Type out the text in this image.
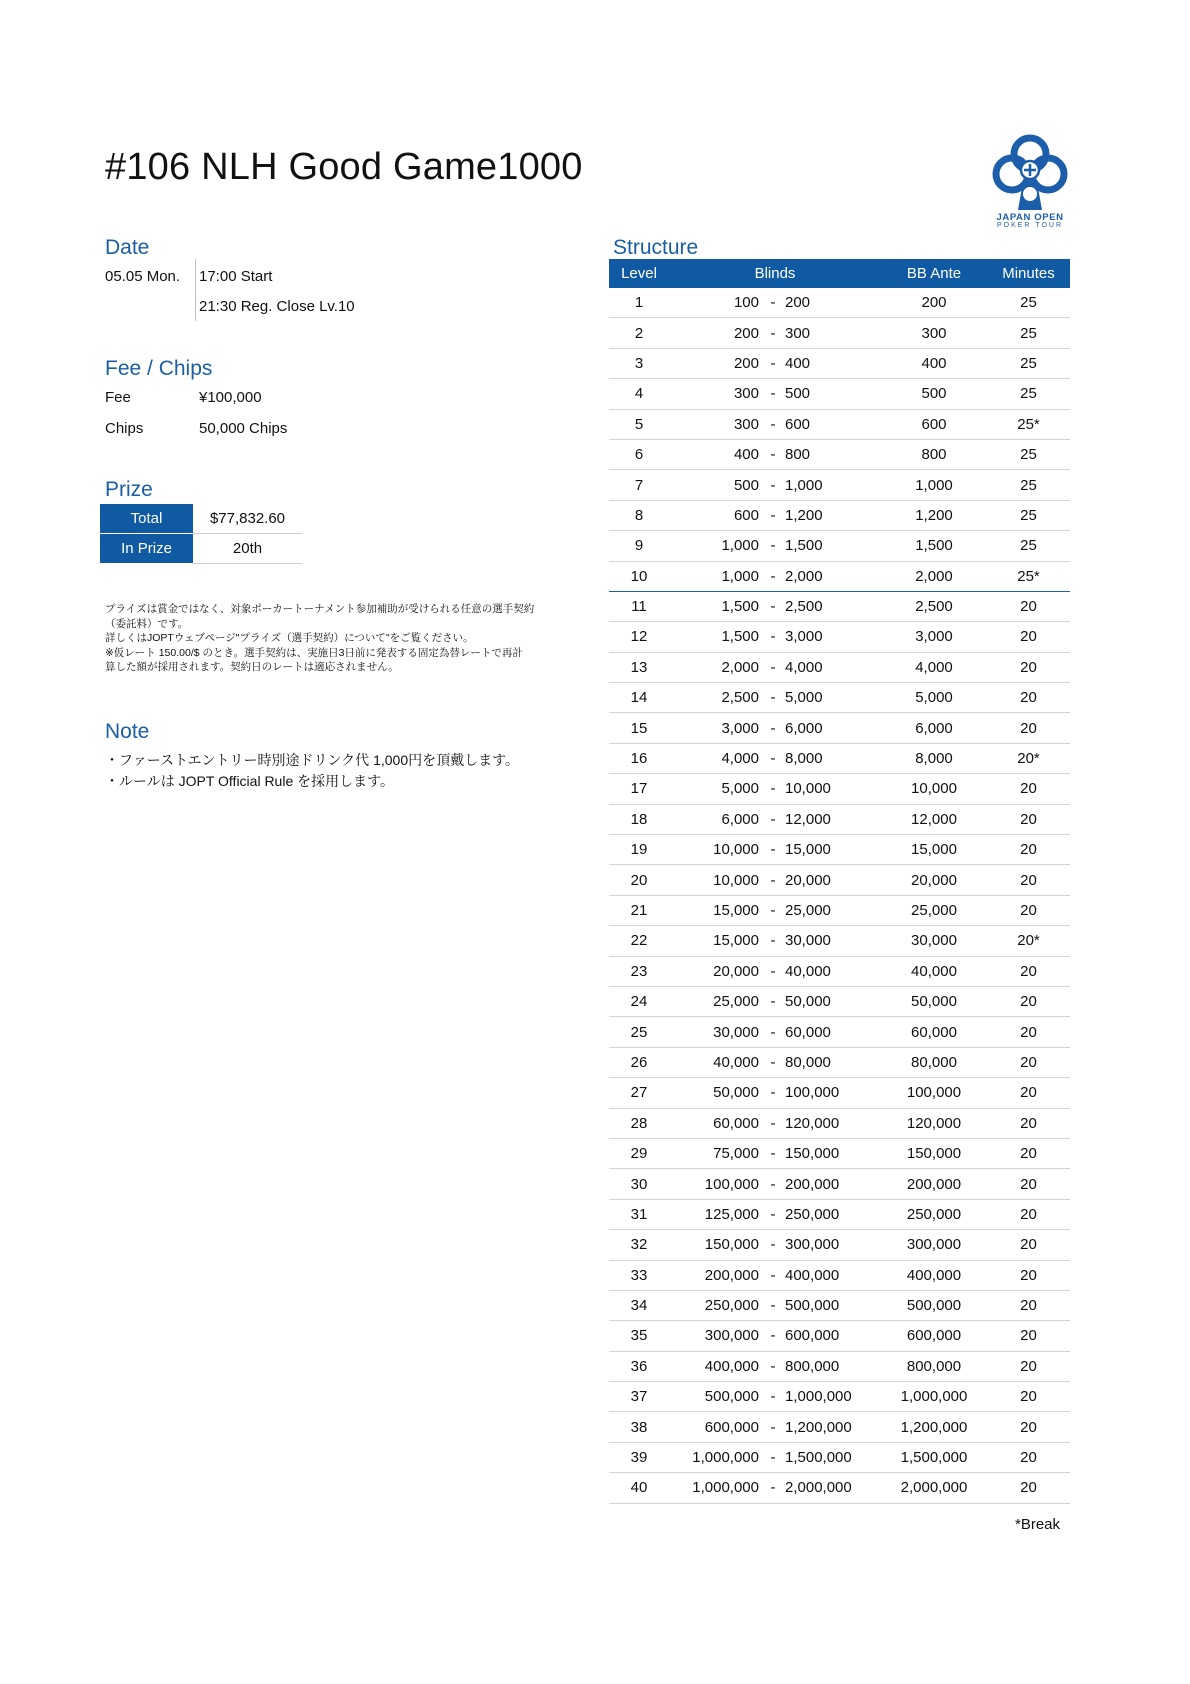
#106 NLH Good Game1000
JAPAN OPEN
POKER TOUR
Date
05.05 Mon. 17:00 Start
21:30 Reg. Close Lv.10
Fee / Chips
Fee	¥100,000
Chips	50,000 Chips
Prize
Total	$77,832.60
In Prize	20th
プライズは賞金ではなく、対象ポーカートーナメント参加補助が受けられる任意の選手契約
（委託料）です。
詳しくはJOPTウェブページ"プライズ（選手契約）について"をご覧ください。
※仮レート 150.00/$ のとき。選手契約は、実施日3日前に発表する固定為替レートで再計
算した額が採用されます。契約日のレートは適応されません。
Note
・ファーストエントリー時別途ドリンク代 1,000円を頂戴します。
・ルールは JOPT Official Rule を採用します。
Structure
Level	Blinds			BB Ante	Minutes
1	100	-	200	200	25
2	200	-	300	300	25
3	200	-	400	400	25
4	300	-	500	500	25
5	300	-	600	600	25*
6	400	-	800	800	25
7	500	-	1,000	1,000	25
8	600	-	1,200	1,200	25
9	1,000	-	1,500	1,500	25
10	1,000	-	2,000	2,000	25*
11	1,500	-	2,500	2,500	20
12	1,500	-	3,000	3,000	20
13	2,000	-	4,000	4,000	20
14	2,500	-	5,000	5,000	20
15	3,000	-	6,000	6,000	20
16	4,000	-	8,000	8,000	20*
17	5,000	-	10,000	10,000	20
18	6,000	-	12,000	12,000	20
19	10,000	-	15,000	15,000	20
20	10,000	-	20,000	20,000	20
21	15,000	-	25,000	25,000	20
22	15,000	-	30,000	30,000	20*
23	20,000	-	40,000	40,000	20
24	25,000	-	50,000	50,000	20
25	30,000	-	60,000	60,000	20
26	40,000	-	80,000	80,000	20
27	50,000	-	100,000	100,000	20
28	60,000	-	120,000	120,000	20
29	75,000	-	150,000	150,000	20
30	100,000	-	200,000	200,000	20
31	125,000	-	250,000	250,000	20
32	150,000	-	300,000	300,000	20
33	200,000	-	400,000	400,000	20
34	250,000	-	500,000	500,000	20
35	300,000	-	600,000	600,000	20
36	400,000	-	800,000	800,000	20
37	500,000	-	1,000,000	1,000,000	20
38	600,000	-	1,200,000	1,200,000	20
39	1,000,000	-	1,500,000	1,500,000	20
40	1,000,000	-	2,000,000	2,000,000	20
*Break
